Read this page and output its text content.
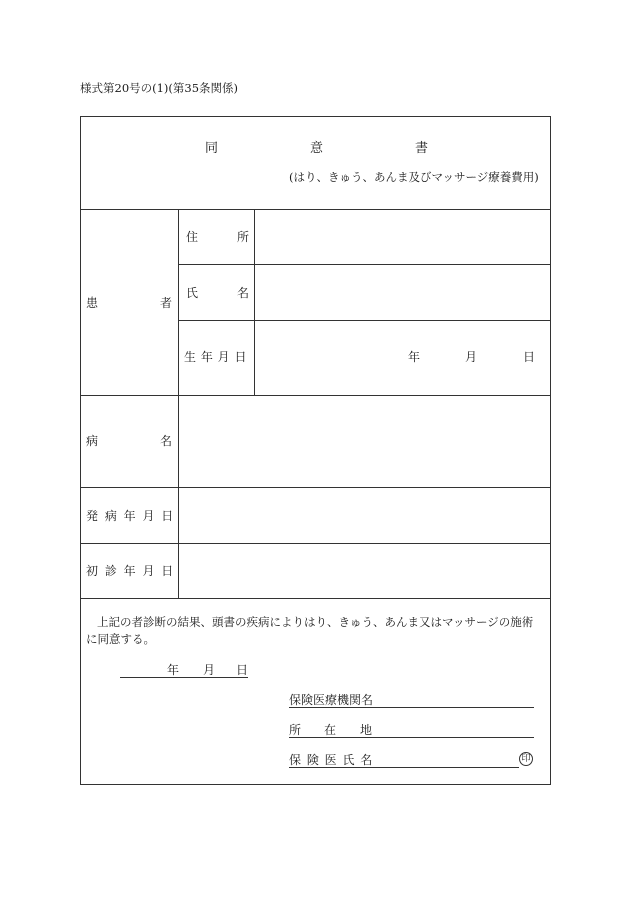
様式第20号の(1)(第35条関係)
同	意	書
(はり、きゅう、あんま及びマッサージ療養費用)
患	者
住	所
氏	名
生 年 月 日	年	月	日
病	名
発 病 年 月 日
初 診 年 月 日
上記の者診断の結果、頭書の疾病によりはり、きゅう、あんま又はマッサージの施術
に同意する。
年 月 日
保険医療機関名
所 在 地
保 険 医 氏 名	印
